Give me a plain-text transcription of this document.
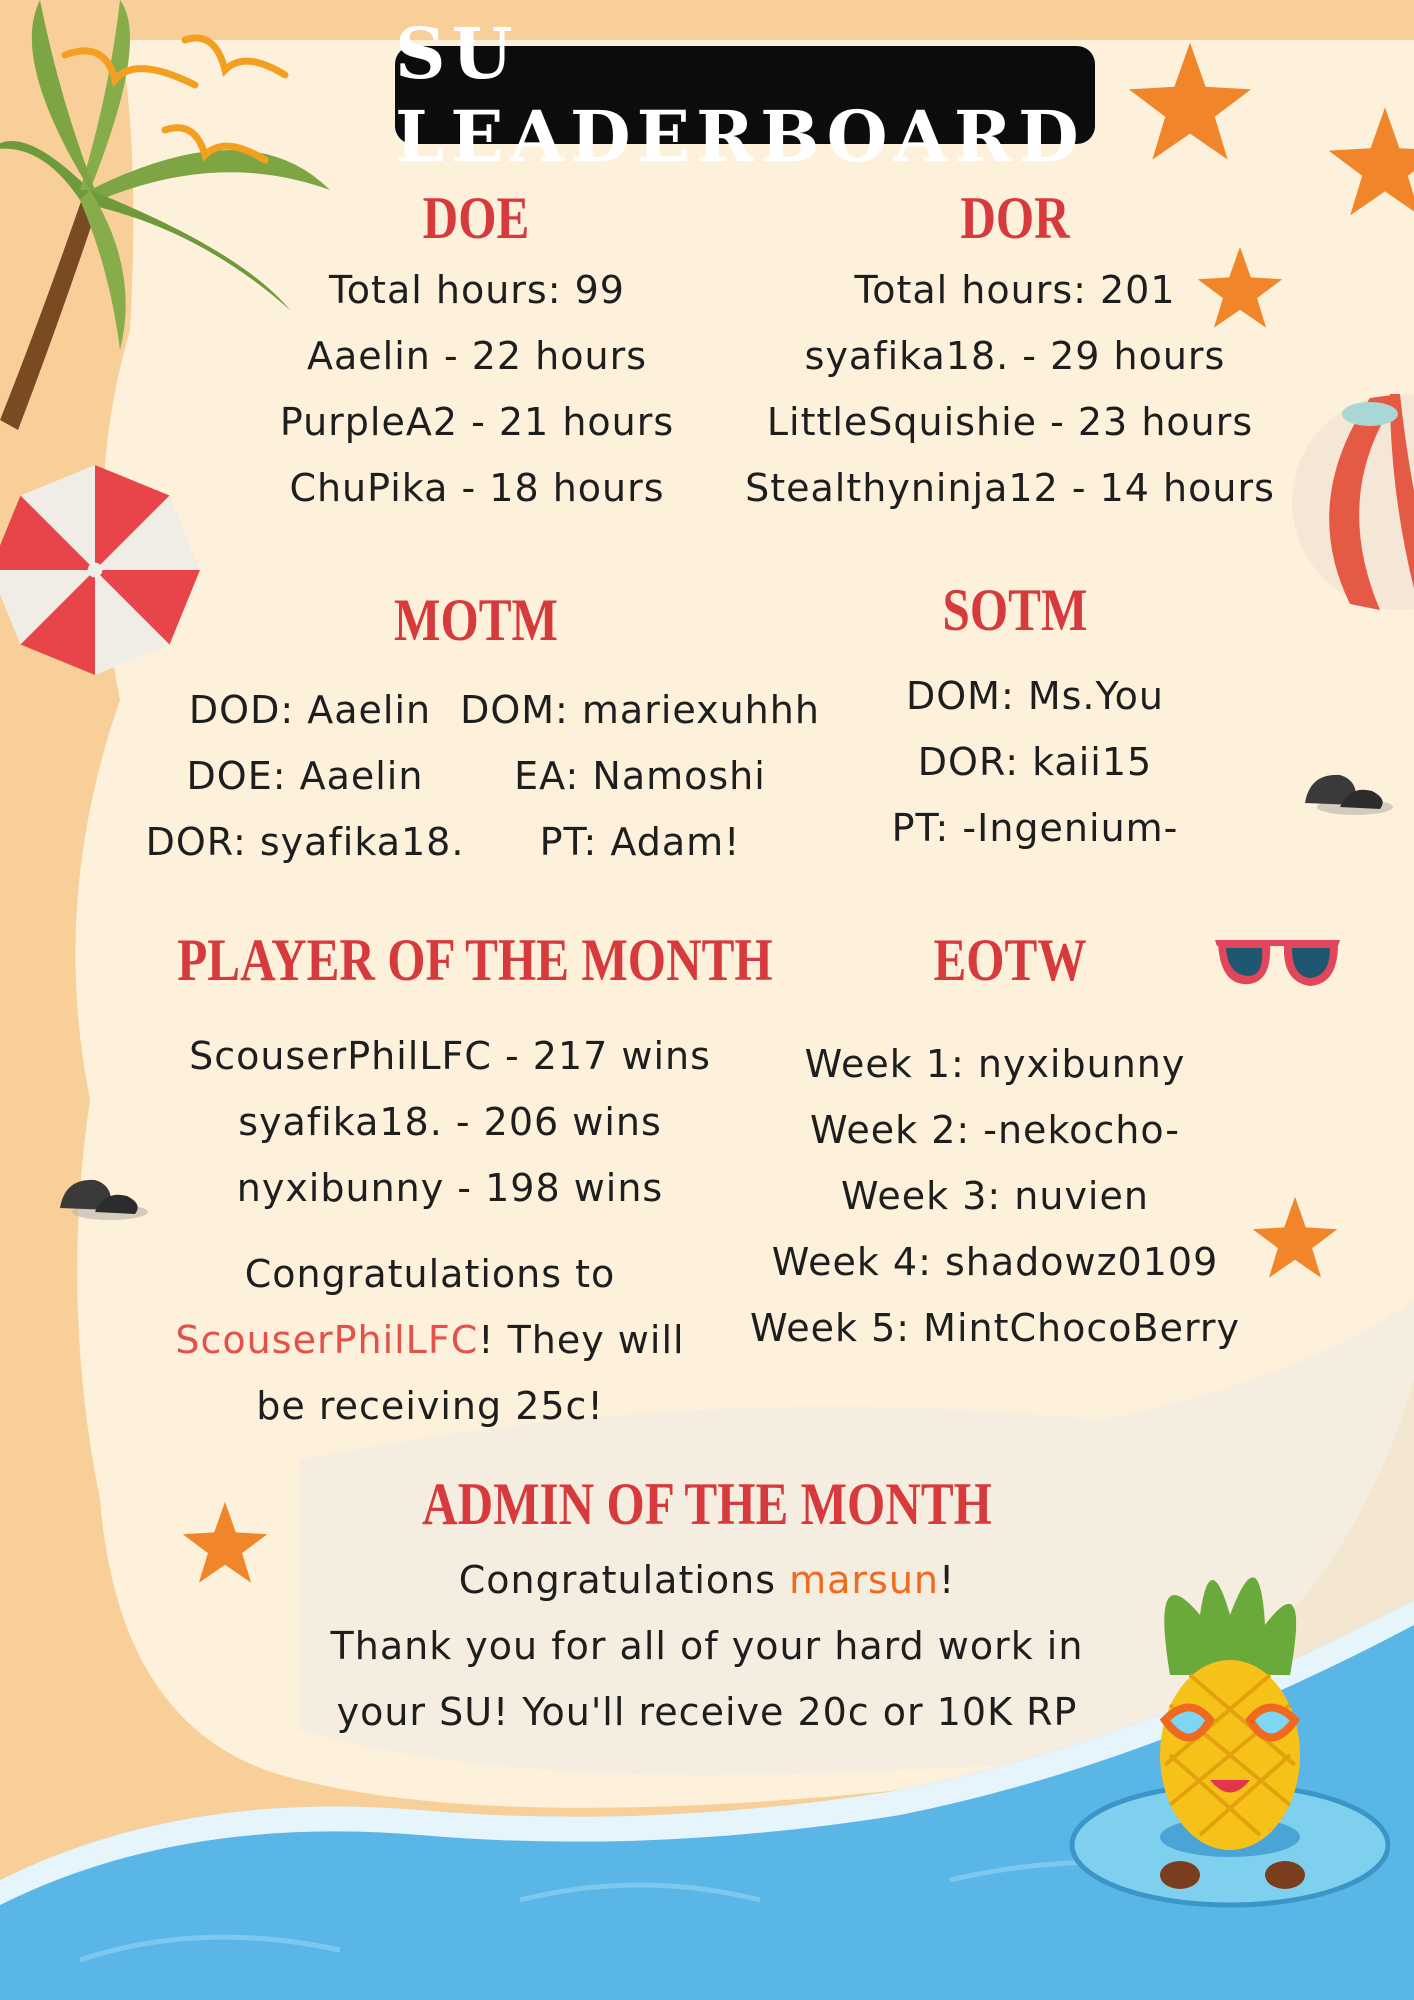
SU LEADERBOARD
DOE
Total hours: 99
Aaelin - 22 hours
PurpleA2 - 21 hours
ChuPika - 18 hours
DOR
Total hours: 201
syafika18. - 29 hours
LittleSquishie - 23 hours
Stealthyninja12 - 14 hours
MOTM
DOD: Aaelin
DOE: Aaelin
DOR: syafika18.
DOM: mariexuhhh
EA: Namoshi
PT: Adam!
SOTM
DOM: Ms.You
DOR: kaii15
PT: -Ingenium-
PLAYER OF THE MONTH
ScouserPhilLFC - 217 wins
syafika18. - 206 wins
nyxibunny - 198 wins
Congratulations to
ScouserPhilLFC! They will
be receiving 25c!
EOTW
Week 1: nyxibunny
Week 2: -nekocho-
Week 3: nuvien
Week 4: shadowz0109
Week 5: MintChocoBerry
ADMIN OF THE MONTH
Congratulations marsun!
Thank you for all of your hard work in
your SU! You'll receive 20c or 10K RP
